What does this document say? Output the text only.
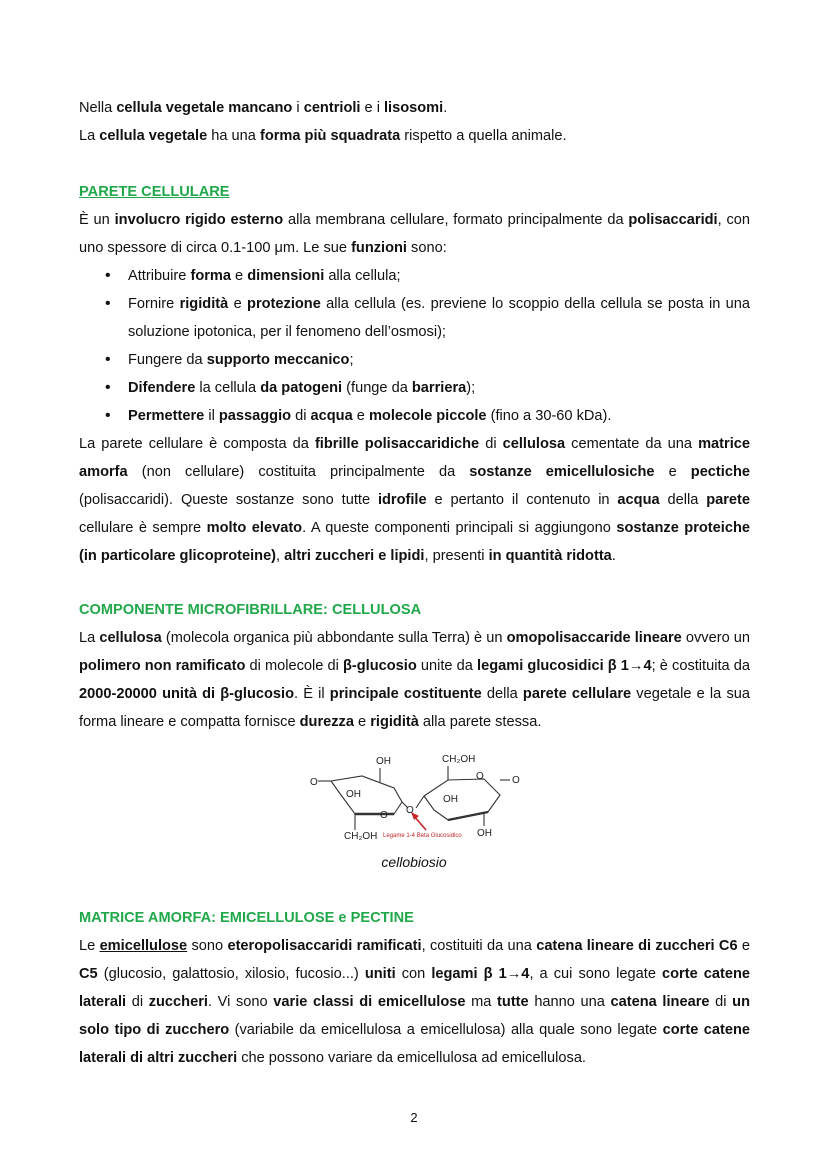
Nella cellula vegetale mancano i centrioli e i lisosomi.

La cellula vegetale ha una forma più squadrata rispetto a quella animale.

PARETE CELLULARE

È un involucro rigido esterno alla membrana cellulare, formato principalmente da polisaccaridi, con uno spessore di circa 0.1-100 μm. Le sue funzioni sono:

• Attribuire forma e dimensioni alla cellula;
• Fornire rigidità e protezione alla cellula (es. previene lo scoppio della cellula se posta in una soluzione ipotonica, per il fenomeno dell’osmosi);
• Fungere da supporto meccanico;
• Difendere la cellula da patogeni (funge da barriera);
• Permettere il passaggio di acqua e molecole piccole (fino a 30-60 kDa).

La parete cellulare è composta da fibrille polisaccaridiche di cellulosa cementate da una matrice amorfa (non cellulare) costituita principalmente da sostanze emicellulosiche e pectiche (polisaccaridi). Queste sostanze sono tutte idrofile e pertanto il contenuto in acqua della parete cellulare è sempre molto elevato. A queste componenti principali si aggiungono sostanze proteiche (in particolare glicoproteine), altri zuccheri e lipidi, presenti in quantità ridotta.

COMPONENTE MICROFIBRILLARE: CELLULOSA

La cellulosa (molecola organica più abbondante sulla Terra) è un omopolisaccaride lineare ovvero un polimero non ramificato di molecole di β-glucosio unite da legami glucosidici β 1→4; è costituita da 2000-20000 unità di β-glucosio. È il principale costituente della parete cellulare vegetale e la sua forma lineare e compatta fornisce durezza e rigidità alla parete stessa.

O
OH	CH₂OH
OH	OH
O
O
O
O
CH₂OH	OH
Legame 1-4 Beta Glucosidico
cellobiosio
MATRICE AMORFA: EMICELLULOSE e PECTINE

Le emicellulose sono eteropolisaccaridi ramificati, costituiti da una catena lineare di zuccheri C6 e C5 (glucosio, galattosio, xilosio, fucosio...) uniti con legami β 1→4, a cui sono legate corte catene laterali di zuccheri. Vi sono varie classi di emicellulose ma tutte hanno una catena lineare di un solo tipo di zucchero (variabile da emicellulosa a emicellulosa) alla quale sono legate corte catene laterali di altri zuccheri che possono variare da emicellulosa ad emicellulosa.

2
